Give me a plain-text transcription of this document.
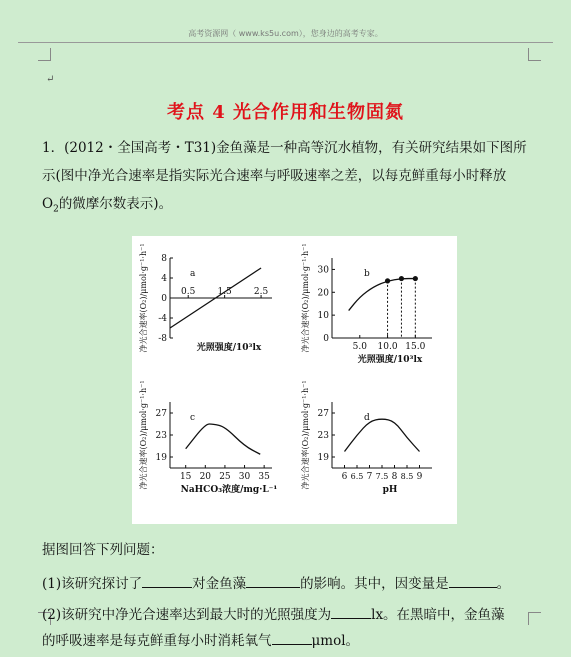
高考资源网（ www.ks5u.com），您身边的高考专家。
↵
考点 4 光合作用和生物固氮
1．(2012・全国高考・T31)金鱼藻是一种高等沉水植物，有关研究结果如下图所
示(图中净光合速率是指实际光合速率与呼吸速率之差，以每克鲜重每小时释放
$O_2$的微摩尔数表示)。
a
8
4
0
-4
-8
0.5 1.5 2.5
光照强度/10³lx
净光合速率(O₂)/μmol·g⁻¹·h⁻¹	b
30
20
10
0
5.0 10.0 15.0
光照强度/10³lx
净光合速率(O₂)/μmol·g⁻¹·h⁻¹
c
27
23
19
15 20 25 30 35
NaHCO₃浓度/mg·L⁻¹
净光合速率(O₂)/μmol·g⁻¹·h⁻¹	d
27
23
19
6 7 8 9
6.5 7.5 8.5
pH
净光合速率(O₂)/μmol·g⁻¹·h⁻¹
据图回答下列问题：
(1)该研究探讨了	对金鱼藻	的影响。其中，因变量是	。
(2)该研究中净光合速率达到最大时的光照强度为	lx。在黑暗中，金鱼藻
的呼吸速率是每克鲜重每小时消耗氧气	μmol。
